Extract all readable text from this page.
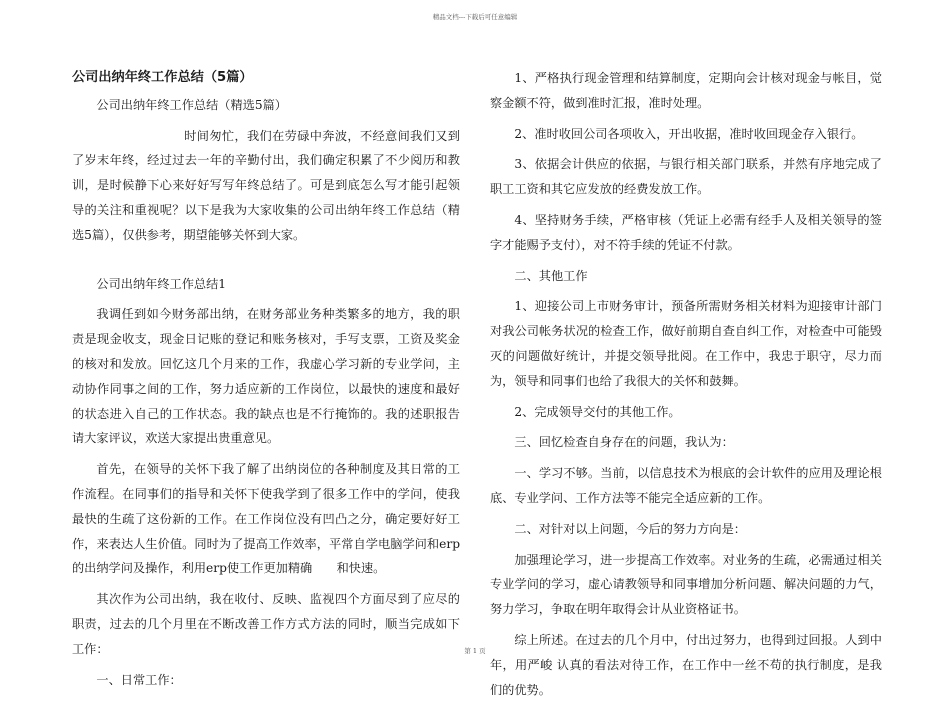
精品文档---下载后可任意编辑

公司出纳年终工作总结（5篇）

公司出纳年终工作总结（精选5篇）

时间匆忙，我们在劳碌中奔波，不经意间我们又到了岁末年终，经过过去一年的辛勤付出，我们确定积累了不少阅历和教训，是时候静下心来好好写写年终总结了。可是到底怎么写才能引起领导的关注和重视呢？以下是我为大家收集的公司出纳年终工作总结（精选5篇），仅供参考，期望能够关怀到大家。

公司出纳年终工作总结1

我调任到如今财务部出纳，在财务部业务种类繁多的地方，我的职责是现金收支，现金日记账的登记和账务核对，手写支票，工资及奖金的核对和发放。回忆这几个月来的工作，我虚心学习新的专业学问，主动协作同事之间的工作，努力适应新的工作岗位，以最快的速度和最好的状态进入自己的工作状态。我的缺点也是不行掩饰的。我的述职报告请大家评议，欢送大家提出贵重意见。

首先，在领导的关怀下我了解了出纳岗位的各种制度及其日常的工作流程。在同事们的指导和关怀下使我学到了很多工作中的学问，使我最快的生疏了这份新的工作。在工作岗位没有凹凸之分，确定要好好工作，来表达人生价值。同时为了提高工作效率，平常自学电脑学问和erp的出纳学问及操作，利用erp使工作更加精确　　和快速。

其次作为公司出纳，我在收付、反映、监视四个方面尽到了应尽的职责，过去的几个月里在不断改善工作方式方法的同时，顺当完成如下工作：

一、日常工作：

1、严格执行现金管理和结算制度，定期向会计核对现金与帐目，觉察金额不符，做到准时汇报，准时处理。

2、准时收回公司各项收入，开出收据，准时收回现金存入银行。

3、依据会计供应的依据，与银行相关部门联系，并然有序地完成了职工工资和其它应发放的经费发放工作。

4、坚持财务手续，严格审核（凭证上必需有经手人及相关领导的签字才能赐予支付），对不符手续的凭证不付款。

二、其他工作

1、迎接公司上市财务审计，预备所需财务相关材料为迎接审计部门对我公司帐务状况的检查工作，做好前期自查自纠工作，对检查中可能毁灭的问题做好统计，并提交领导批阅。在工作中，我忠于职守，尽力而为，领导和同事们也给了我很大的关怀和鼓舞。

2、完成领导交付的其他工作。

三、回忆检查自身存在的问题，我认为：

一、学习不够。当前，以信息技术为根底的会计软件的应用及理论根底、专业学问、工作方法等不能完全适应新的工作。

二、对针对以上问题，今后的努力方向是：

加强理论学习，进一步提高工作效率。对业务的生疏，必需通过相关专业学问的学习，虚心请教领导和同事增加分析问题、解决问题的力气，努力学习，争取在明年取得会计从业资格证书。

综上所述。在过去的几个月中，付出过努力，也得到过回报。人到中年，用严峻 认真的看法对待工作，在工作中一丝不苟的执行制度，是我们的优势。

第 1 页
